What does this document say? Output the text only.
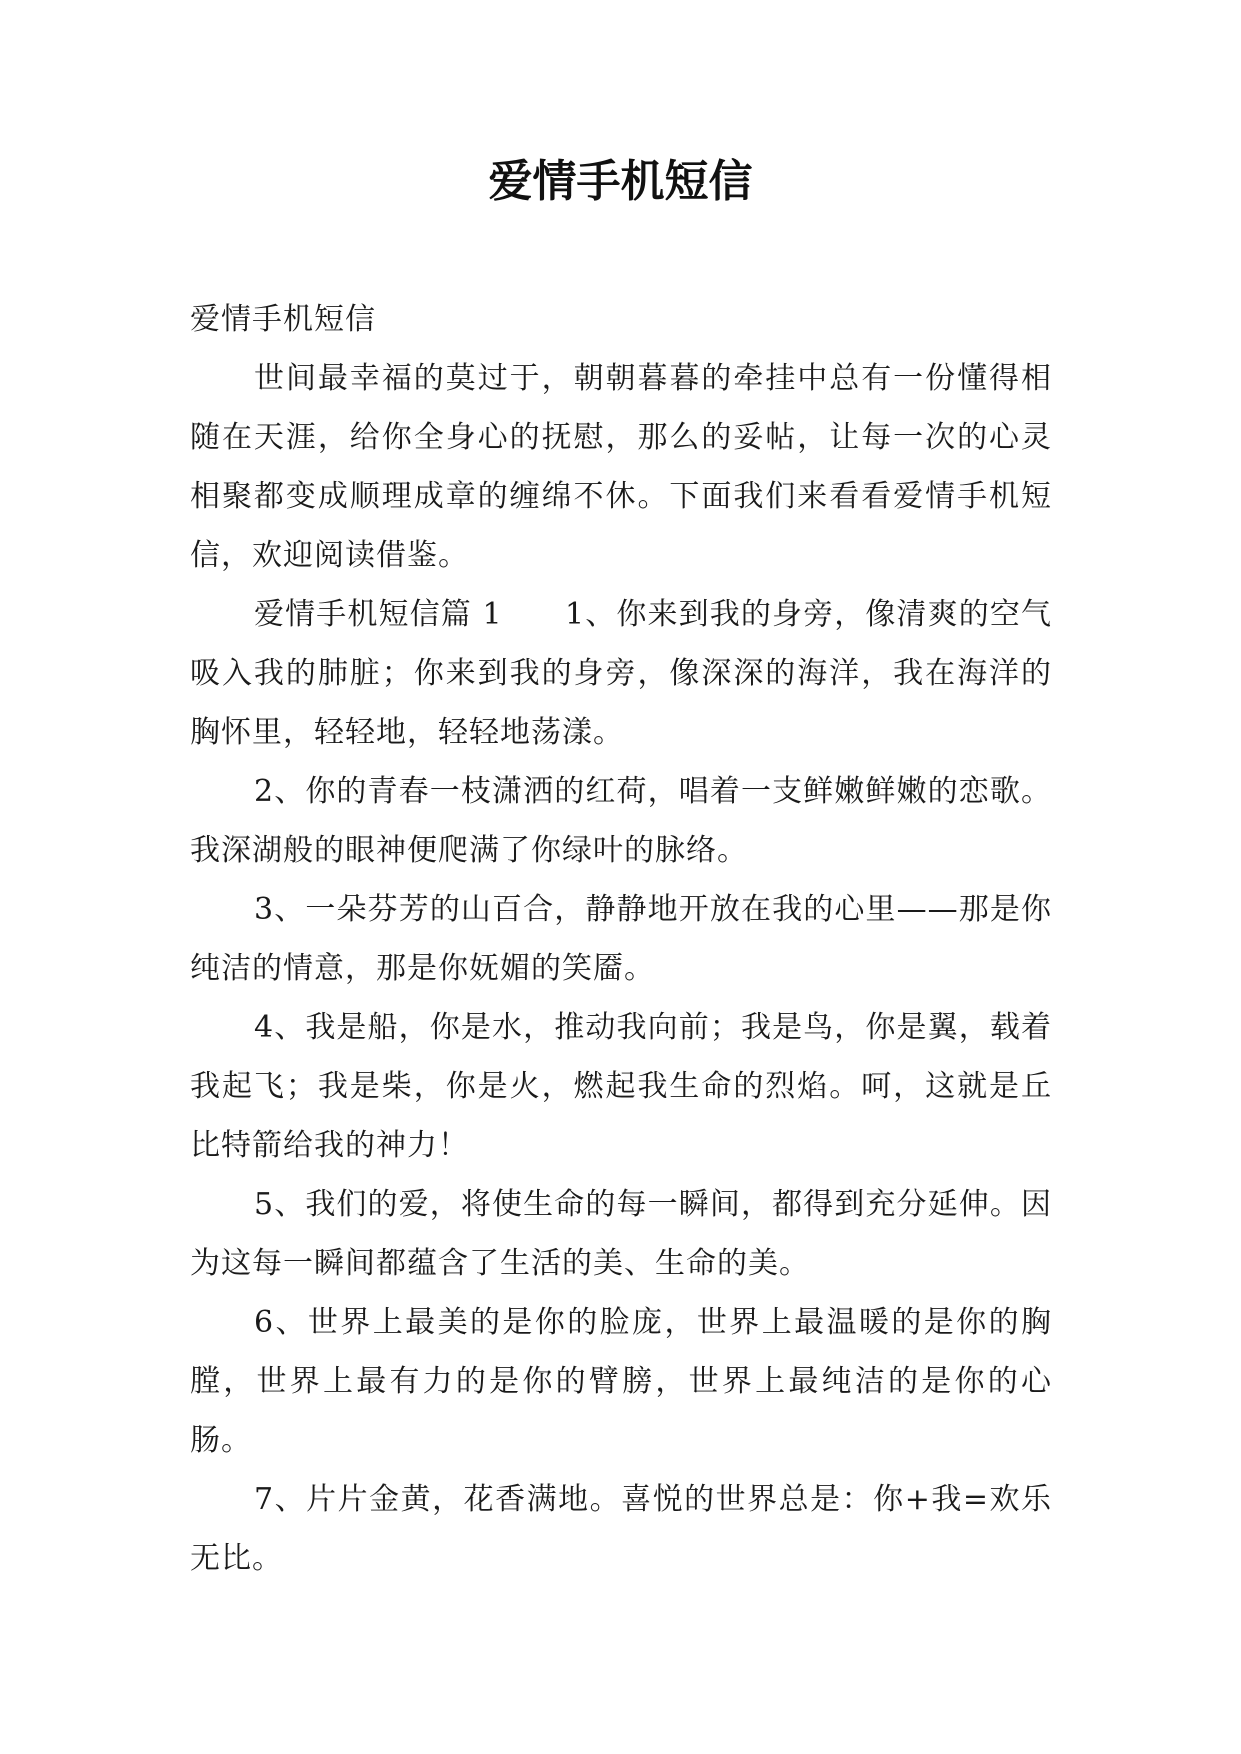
爱情手机短信

爱情手机短信

世间最幸福的莫过于，朝朝暮暮的牵挂中总有一份懂得相随在天涯，给你全身心的抚慰，那么的妥帖，让每一次的心灵相聚都变成顺理成章的缠绵不休。下面我们来看看爱情手机短信，欢迎阅读借鉴。

爱情手机短信篇 1　　1、你来到我的身旁，像清爽的空气吸入我的肺脏；你来到我的身旁，像深深的海洋，我在海洋的胸怀里，轻轻地，轻轻地荡漾。

2、你的青春一枝潇洒的红荷，唱着一支鲜嫩鲜嫩的恋歌。我深湖般的眼神便爬满了你绿叶的脉络。

3、一朵芬芳的山百合，静静地开放在我的心里——那是你纯洁的情意，那是你妩媚的笑靥。

4、我是船，你是水，推动我向前；我是鸟，你是翼，载着我起飞；我是柴，你是火，燃起我生命的烈焰。呵，这就是丘比特箭给我的神力！

5、我们的爱，将使生命的每一瞬间，都得到充分延伸。因为这每一瞬间都蕴含了生活的美、生命的美。

6、世界上最美的是你的脸庞，世界上最温暖的是你的胸膛，世界上最有力的是你的臂膀，世界上最纯洁的是你的心肠。

7、片片金黄，花香满地。喜悦的世界总是：你+我=欢乐无比。
